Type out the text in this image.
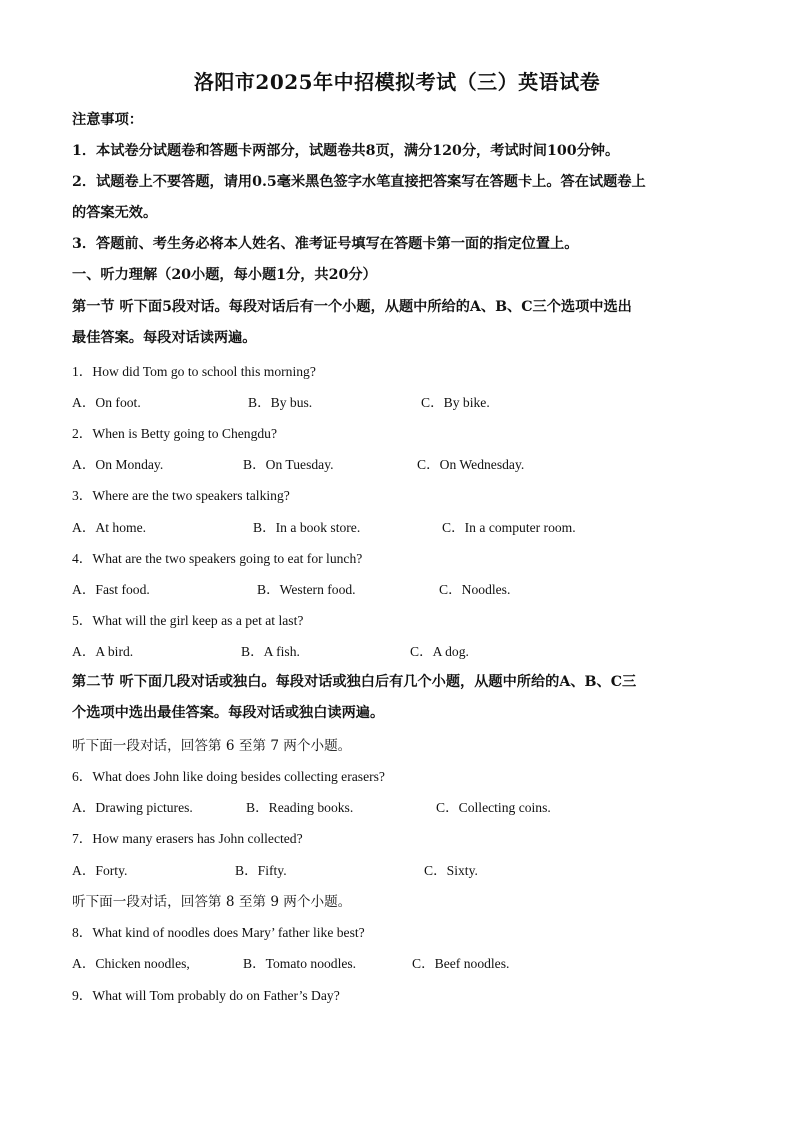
洛阳市2025年中招模拟考试（三）英语试卷
注意事项：
1．本试卷分试题卷和答题卡两部分，试题卷共8页，满分120分，考试时间100分钟。
2．试题卷上不要答题，请用0.5毫米黑色签字水笔直接把答案写在答题卡上。答在试题卷上
的答案无效。
3．答题前、考生务必将本人姓名、准考证号填写在答题卡第一面的指定位置上。
一、听力理解（20小题，每小题1分，共20分）
第一节 听下面5段对话。每段对话后有一个小题，从题中所给的A、B、C三个选项中选出
最佳答案。每段对话读两遍。
1．How did Tom go to school this morning?
A．On foot.	B．By bus.	C．By bike.
2．When is Betty going to Chengdu?
A．On Monday.	B．On Tuesday.	C．On Wednesday.
3．Where are the two speakers talking?
A．At home.	B．In a book store.	C．In a computer room.
4．What are the two speakers going to eat for lunch?
A．Fast food.	B．Western food.	C．Noodles.
5．What will the girl keep as a pet at last?
A．A bird.	B．A fish.	C．A dog.
第二节 听下面几段对话或独白。每段对话或独白后有几个小题，从题中所给的A、B、C三
个选项中选出最佳答案。每段对话或独白读两遍。
听下面一段对话，回答第 6 至第 7 两个小题。
6．What does John like doing besides collecting erasers?
A．Drawing pictures.	B．Reading books.	C．Collecting coins.
7．How many erasers has John collected?
A．Forty.	B．Fifty.	C．Sixty.
听下面一段对话，回答第 8 至第 9 两个小题。
8．What kind of noodles does Mary’ father like best?
A．Chicken noodles,	B．Tomato noodles.	C．Beef noodles.
9．What will Tom probably do on Father’s Day?
